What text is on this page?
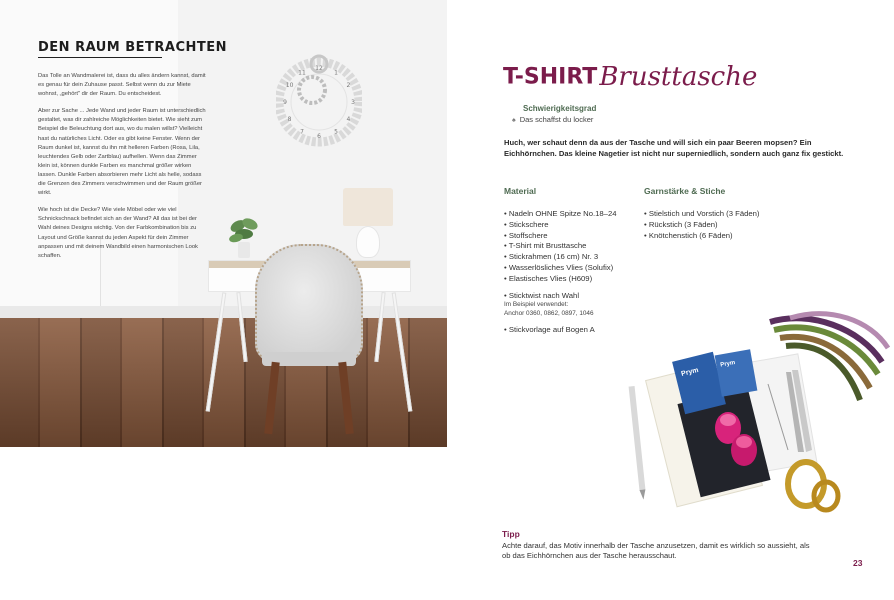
1
2
3
4
5
6
7
8
9
10
11
12
DEN RAUM BETRACHTEN

Das Tolle an Wandmalerei ist, dass du alles ändern kannst, damit es genau für dein Zuhause passt. Selbst wenn du zur Miete wohnst, „gehört" dir der Raum. Du entscheidest.

Aber zur Sache ... Jede Wand und jeder Raum ist unterschiedlich gestaltet, was dir zahlreiche Möglichkeiten bietet. Wie sieht zum Beispiel die Beleuchtung dort aus, wo du malen willst? Vielleicht hast du natürliches Licht. Oder es gibt keine Fenster. Wenn der Raum dunkel ist, kannst du ihn mit helleren Farben (Rosa, Lila, leuchtendes Gelb oder Zartblau) aufhellen. Wenn das Zimmer klein ist, können dunkle Farben es manchmal größer wirken lassen. Dunkle Farben absorbieren mehr Licht als helle, sodass die Grenzen des Zimmers verschwimmen und der Raum größer wirkt.

Wie hoch ist die Decke? Wie viele Möbel oder wie viel Schnickschnack befindet sich an der Wand? All das ist bei der Wahl deines Designs wichtig. Von der Farbkombination bis zu Layout und Größe kannst du jeden Aspekt für dein Zimmer anpassen und mit deinem Wandbild einen harmonischen Look schaffen.

T-SHIRTBrusttasche
Schwierigkeitsgrad
♠ Das schaffst du locker
Huch, wer schaut denn da aus der Tasche und will sich ein paar Beeren mopsen? Ein Eichhörnchen. Das kleine Nagetier ist nicht nur superniedlich, sondern auch ganz fix gestickt.
Material
• Nadeln OHNE Spitze No.18–24
• Stickschere
• Stoffschere
• T-Shirt mit Brusttasche
• Stickrahmen (16 cm) Nr. 3
• Wasserlösliches Vlies (Solufix)
• Elastisches Vlies (H609)
• Sticktwist nach Wahl
Im Beispiel verwendet:
Anchor 0360, 0862, 0897, 1046
• Stickvorlage auf Bogen A
Garnstärke & Stiche
• Stielstich und Vorstich (3 Fäden)
• Rückstich (3 Fäden)
• Knötchenstich (6 Fäden)
Prym
Prym
Tipp
Achte darauf, das Motiv innerhalb der Tasche anzusetzen, damit es wirklich so aussieht, als ob das Eichhörnchen aus der Tasche herausschaut.
23
